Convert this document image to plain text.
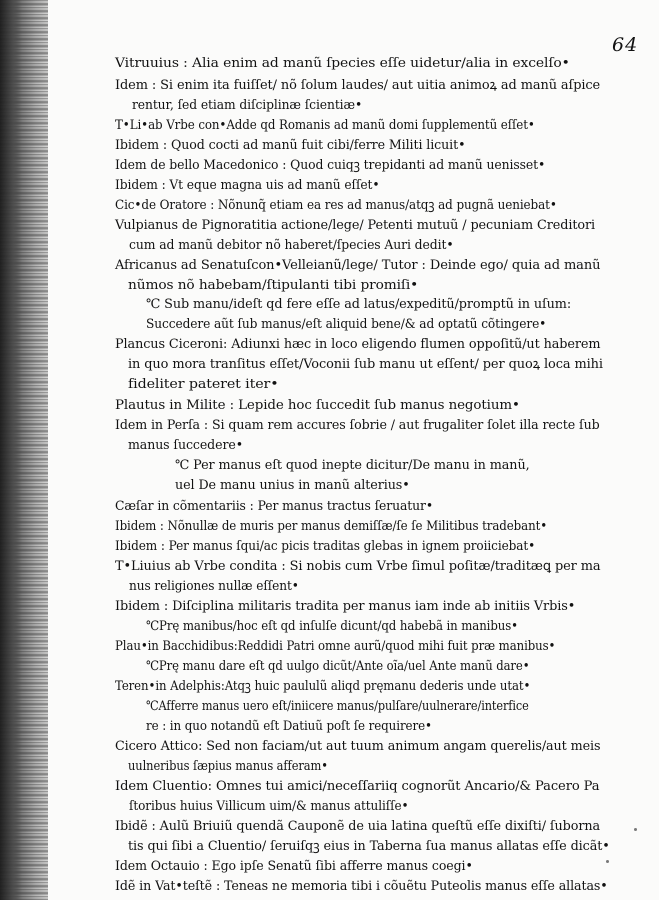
64
Vitruuius : Alia enim ad manũ ſpecies eſſe uidetur/alia in excelſo•
Idem : Si enim ita fuiſſet/ nõ ſolum laudes/ aut uitia animoꝝ ad manũ aſpice
rentur, ſed etiam diſciplinæ ſcientiæ•
T•Li•ab Vrbe con•Adde qd Romanis ad manũ domi ſupplementũ eſſet•
Ibidem : Quod cocti ad manũ fuit cibi/ferre Militi licuit•
Idem de bello Macedonico : Quod cuiqꝫ trepidanti ad manũ uenisset•
Ibidem : Vt eque magna uis ad manũ eſſet•
Cic•de Oratore : Nõnunq̃ etiam ea res ad manus/atqꝫ ad pugnã ueniebat•
Vulpianus de Pignoratitia actione/lege/ Petenti mutuũ / pecuniam Creditori
cum ad manũ debitor nõ haberet/ſpecies Auri dedit•
Africanus ad Senatuſcon•Velleianũ/lege/ Tutor : Deinde ego/ quia ad manũ
nũmos nõ habebam/ſtipulanti tibi promiſi•
℃ Sub manu/ideſt qd fere eſſe ad latus/expeditũ/promptũ in uſum:
Succedere aũt ſub manus/eſt aliquid bene/& ad optatũ cõtingere•
Plancus Ciceroni: Adiunxi hæc in loco eligendo flumen oppoſitũ/ut haberem
in quo mora tranſitus eſſet/Voconii ſub manu ut eſſent/ per quoꝝ loca mihi
fideliter pateret iter•
Plautus in Milite : Lepide hoc ſuccedit ſub manus negotium•
Idem in Perſa : Si quam rem accures ſobrie / aut frugaliter ſolet illa recte ſub
manus ſuccedere•
℃ Per manus eſt quod inepte dicitur/De manu in manũ,
uel De manu unius in manũ alterius•
Cæſar in cõmentariis : Per manus tractus ſeruatur•
Ibidem : Nõnullæ de muris per manus demiſſæ/ſe ſe Militibus tradebant•
Ibidem : Per manus ſqui/ac picis traditas glebas in ignem proiiciebat•
T•Liuius ab Vrbe condita : Si nobis cum Vrbe ſimul poſitæ/traditæꝗ per ma
nus religiones nullæ eſſent•
Ibidem : Diſciplina militaris tradita per manus iam inde ab initiis Vrbis•
℃Prę manibus/hoc eſt qd inſulſe dicunt/qd habebã in manibus•
Plau•in Bacchidibus:Reddidi Patri omne aurũ/quod mihi fuit præ manibus•
℃Prę manu dare eſt qd uulgo dicũt/Ante oĩa/uel Ante manũ dare•
Teren•in Adelphis:Atqꝫ huic paululũ aliqd pręmanu dederis unde utat•
℃Afferre manus uero eſt/iniicere manus/pulſare/uulnerare/interfice
re : in quo notandũ eſt Datiuũ poſt ſe requirere•
Cicero Attico: Sed non faciam/ut aut tuum animum angam querelis/aut meis
uulneribus ſæpius manus afferam•
Idem Cluentio: Omnes tui amici/neceſſariiq cognorũt Ancario/& Pacero Pa
ſtoribus huius Villicum uim/& manus attuliſſe•
Ibidẽ : Aulũ Briuiũ quendã Cauponẽ de uia latina queſtũ eſſe dixiſti/ ſuborna
tis qui ſibi a Cluentio/ ſeruiſqꝫ eius in Taberna ſua manus allatas eſſe dicãt•
Idem Octauio : Ego ipſe Senatũ ſibi afferre manus coegi•
Idẽ in Vat•teſtẽ : Teneas ne memoria tibi i cõuẽtu Puteolis manus eſſe allatas•
